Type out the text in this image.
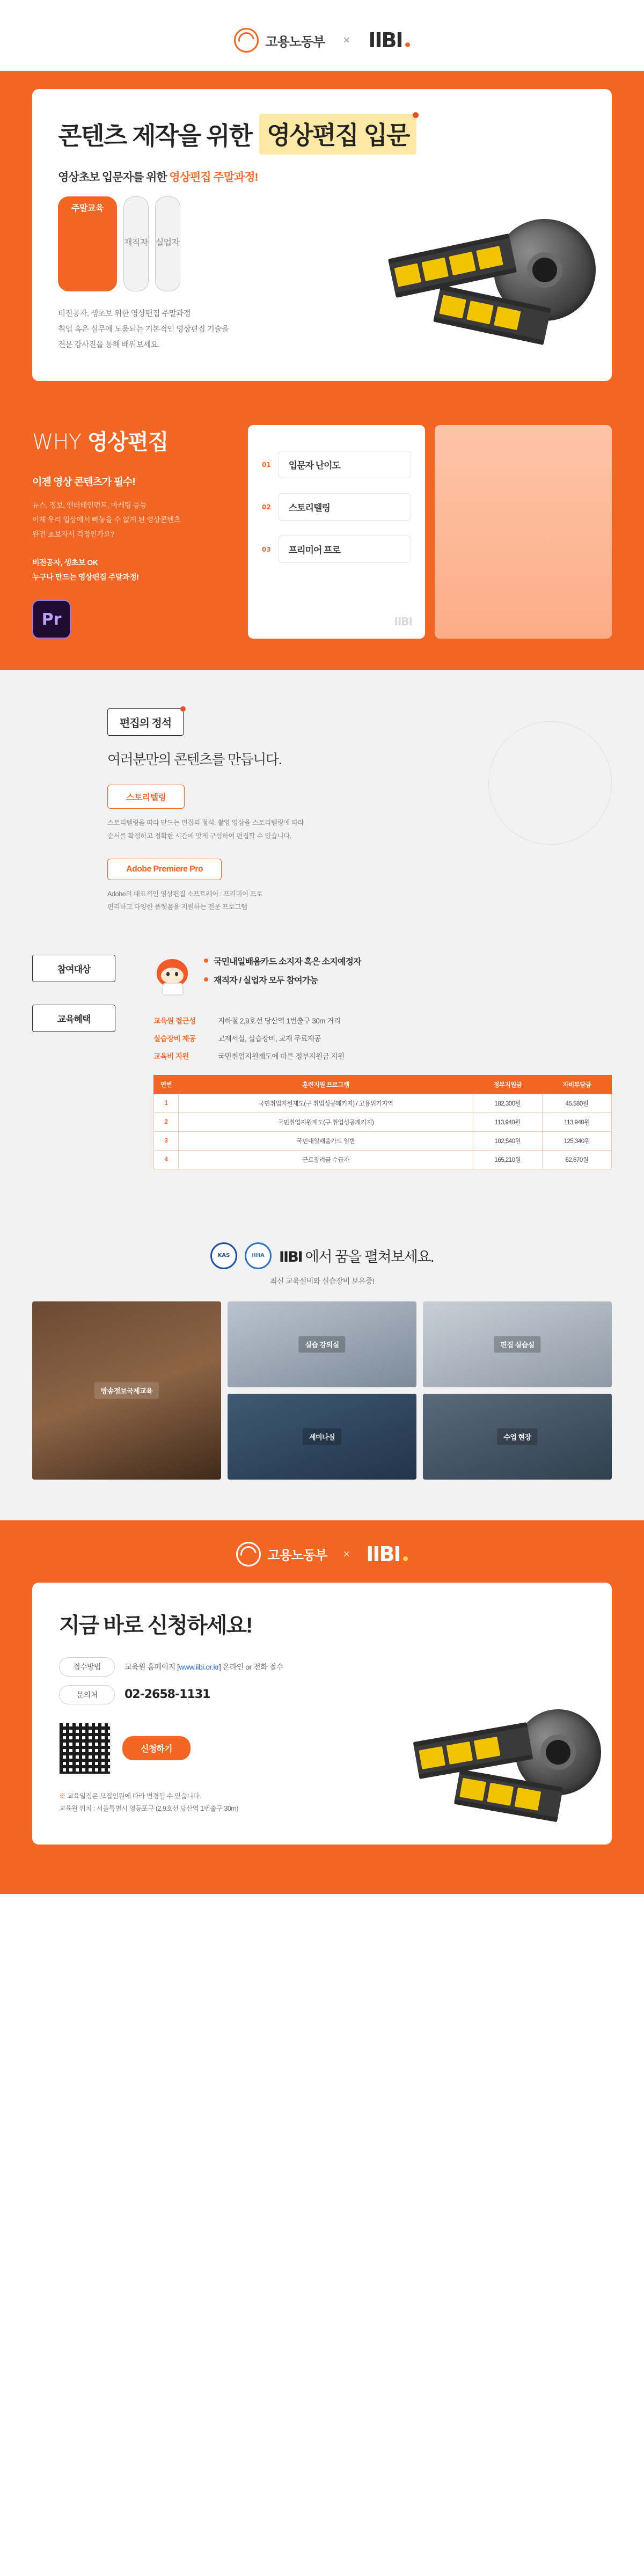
고용노동부 × IIBI
콘텐츠 제작을 위한 영상편집 입문
영상초보 입문자를 위한 영상편집 주말과정!
주말교육
재직자 실업자
비전공자, 생초보 위한 영상편집 주말과정
취업 혹은 실무에 도움되는 기본적인 영상편집 기술을
전문 강사진을 통해 배워보세요.
WHY 영상편집
이젠 영상 콘텐츠가 필수!
뉴스, 정보, 엔터테인먼트, 마케팅 등등
이제 우리 일상에서 빼놓을 수 없게 된 영상콘텐츠
완전 초보자서 걱정인가요?
비전공자, 생초보 OK
누구나 만드는 영상편집 주말과정!
Pr
01	입문자 난이도
02	스토리텔링
03	프리미어 프로
IIBI
편집의 정석
여러분만의 콘텐츠를 만듭니다.
스토리텔링
스토리텔링을 따라 만드는 편집의 정석. 촬영 영상을 스토리텔링에 따라
순서를 확정하고 정확한 시간에 맞게 구성하여 편집할 수 있습니다.
Adobe Premiere Pro
Adobe의 대표적인 영상편집 소프트웨어 : 프리미어 프로
편리하고 다양한 플랫폼을 지원하는 전문 프로그램
참여대상
교육혜택
국민내일배움카드 소지자 혹은 소지예정자
재직자 / 실업자 모두 참여가능
교육원 접근성	지하철 2,9호선 당산역 1번출구 30m 거리
실습장비 제공	교재서실, 실습장비, 교재 무료제공
교육비 지원	국민취업지원제도에 따른 정부지원금 지원
연번	훈련지원 프로그램	정부지원금	자비부담금
1	국민취업지원제도(구 취업성공패키지) / 고용위기지역	182,300원	45,580원
2	국민취업지원제도(구 취업성공패키지)	113,940원	113,940원
3	국민내일배움카드 일반	102,540원	125,340원
4	근로장려금 수급자	165,210원	62,670원
KAS	IIHA	IIBI 에서 꿈을 펼쳐보세요.
최신 교육설비와 실습장비 보유중!
방송정보국제교육
실습 강의실	편집 실습실
세미나실	수업 현장
고용노동부 × IIBI
지금 바로 신청하세요!
접수방법	교육원 홈페이지 [www.iibi.or.kr] 온라인 or 전화 접수
문의처	02-2658-1131
신청하기
※ 교육일정은 모집인원에 따라 변경될 수 있습니다.
교육원 위치 : 서울특별시 영등포구 (2,9호선 당산역 1번출구 30m)
